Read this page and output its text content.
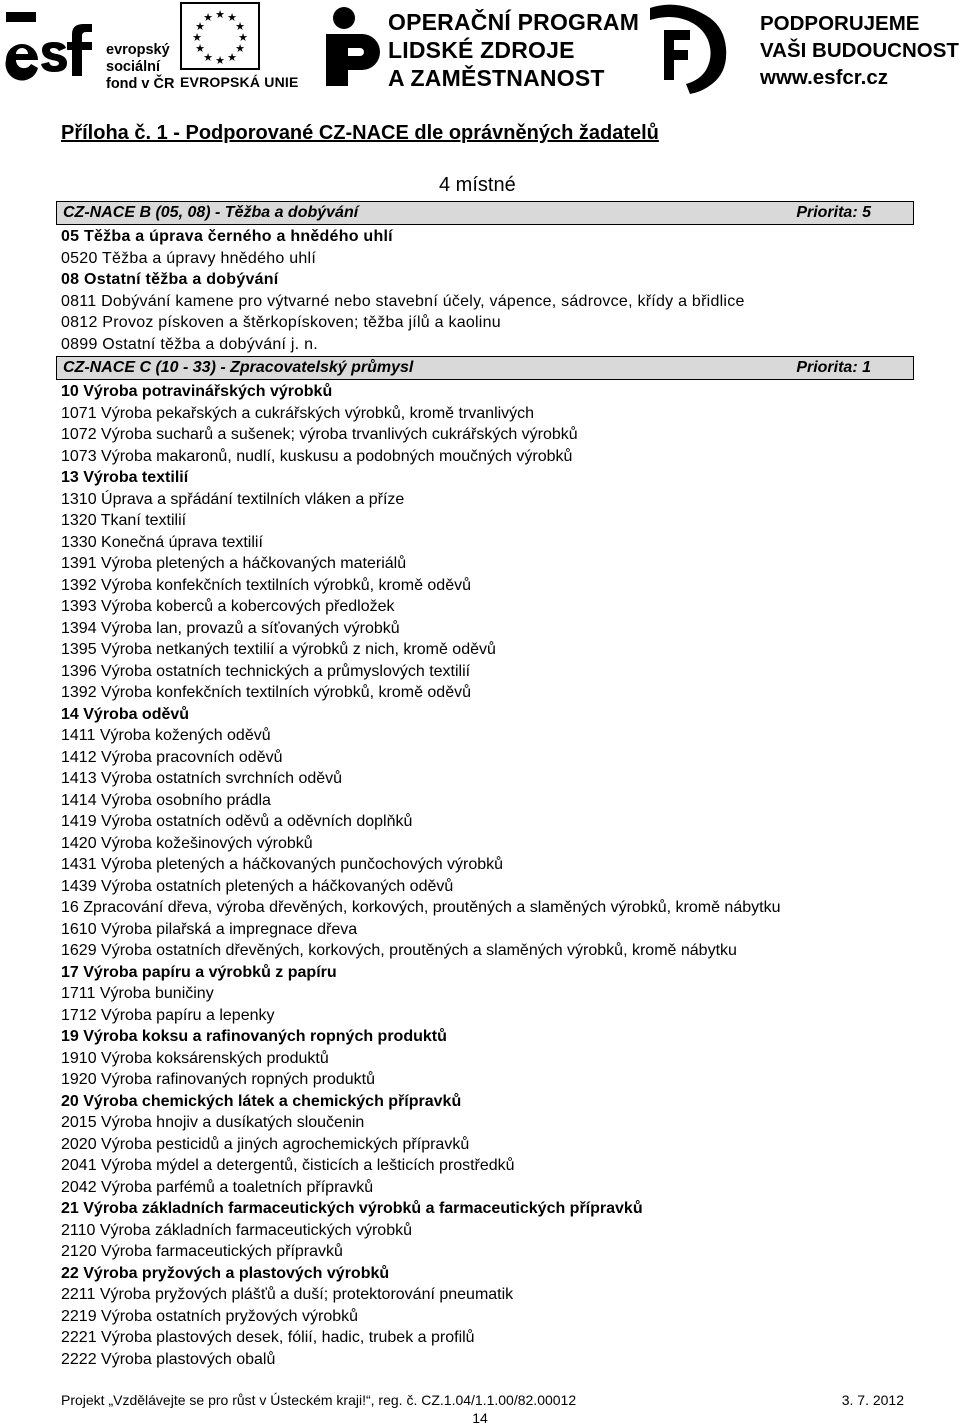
evropský
sociální
fond v ČR
★ ★
★
★
★
★
★
★
★
★
★
★
EVROPSKÁ UNIE
OPERAČNÍ PROGRAM
LIDSKÉ ZDROJE
A ZAMĚSTNANOST
PODPORUJEME
VAŠI BUDOUCNOST
www.esfcr.cz
Příloha č. 1 - Podporované CZ-NACE dle oprávněných žadatelů
4 místné
CZ-NACE B (05, 08) - Těžba a dobývání	Priorita: 5
05 Těžba a úprava černého a hnědého uhlí
0520 Těžba a úpravy hnědého uhlí
08 Ostatní těžba a dobývání
0811 Dobývání kamene pro výtvarné nebo stavební účely, vápence, sádrovce, křídy a břidlice
0812 Provoz pískoven a štěrkopískoven; těžba jílů a kaolinu
0899 Ostatní těžba a dobývání j. n.
CZ-NACE C (10 - 33) - Zpracovatelský průmysl	Priorita: 1
10 Výroba potravinářských výrobků
1071 Výroba pekařských a cukrářských výrobků, kromě trvanlivých
1072 Výroba sucharů a sušenek; výroba trvanlivých cukrářských výrobků
1073 Výroba makaronů, nudlí, kuskusu a podobných moučných výrobků
13 Výroba textilií
1310 Úprava a spřádání textilních vláken a příze
1320 Tkaní textilií
1330 Konečná úprava textilií
1391 Výroba pletených a háčkovaných materiálů
1392 Výroba konfekčních textilních výrobků, kromě oděvů
1393 Výroba koberců a kobercových předložek
1394 Výroba lan, provazů a síťovaných výrobků
1395 Výroba netkaných textilií a výrobků z nich, kromě oděvů
1396 Výroba ostatních technických a průmyslových textilií
1392 Výroba konfekčních textilních výrobků, kromě oděvů
14 Výroba oděvů
1411 Výroba kožených oděvů
1412 Výroba pracovních oděvů
1413 Výroba ostatních svrchních oděvů
1414 Výroba osobního prádla
1419 Výroba ostatních oděvů a oděvních doplňků
1420 Výroba kožešinových výrobků
1431 Výroba pletených a háčkovaných punčochových výrobků
1439 Výroba ostatních pletených a háčkovaných oděvů
16 Zpracování dřeva, výroba dřevěných, korkových, proutěných a slaměných výrobků, kromě nábytku
1610 Výroba pilařská a impregnace dřeva
1629 Výroba ostatních dřevěných, korkových, proutěných a slaměných výrobků, kromě nábytku
17 Výroba papíru a výrobků z papíru
1711 Výroba buničiny
1712 Výroba papíru a lepenky
19 Výroba koksu a rafinovaných ropných produktů
1910 Výroba koksárenských produktů
1920 Výroba rafinovaných ropných produktů
20 Výroba chemických látek a chemických přípravků
2015 Výroba hnojiv a dusíkatých sloučenin
2020 Výroba pesticidů a jiných agrochemických přípravků
2041 Výroba mýdel a detergentů, čisticích a lešticích prostředků
2042 Výroba parfémů a toaletních přípravků
21 Výroba základních farmaceutických výrobků a farmaceutických přípravků
2110 Výroba základních farmaceutických výrobků
2120 Výroba farmaceutických přípravků
22 Výroba pryžových a plastových výrobků
2211 Výroba pryžových plášťů a duší; protektorování pneumatik
2219 Výroba ostatních pryžových výrobků
2221 Výroba plastových desek, fólií, hadic, trubek a profilů
2222 Výroba plastových obalů
Projekt „Vzdělávejte se pro růst v Ústeckém kraji!“, reg. č. CZ.1.04/1.1.00/82.00012	3. 7. 2012
14
